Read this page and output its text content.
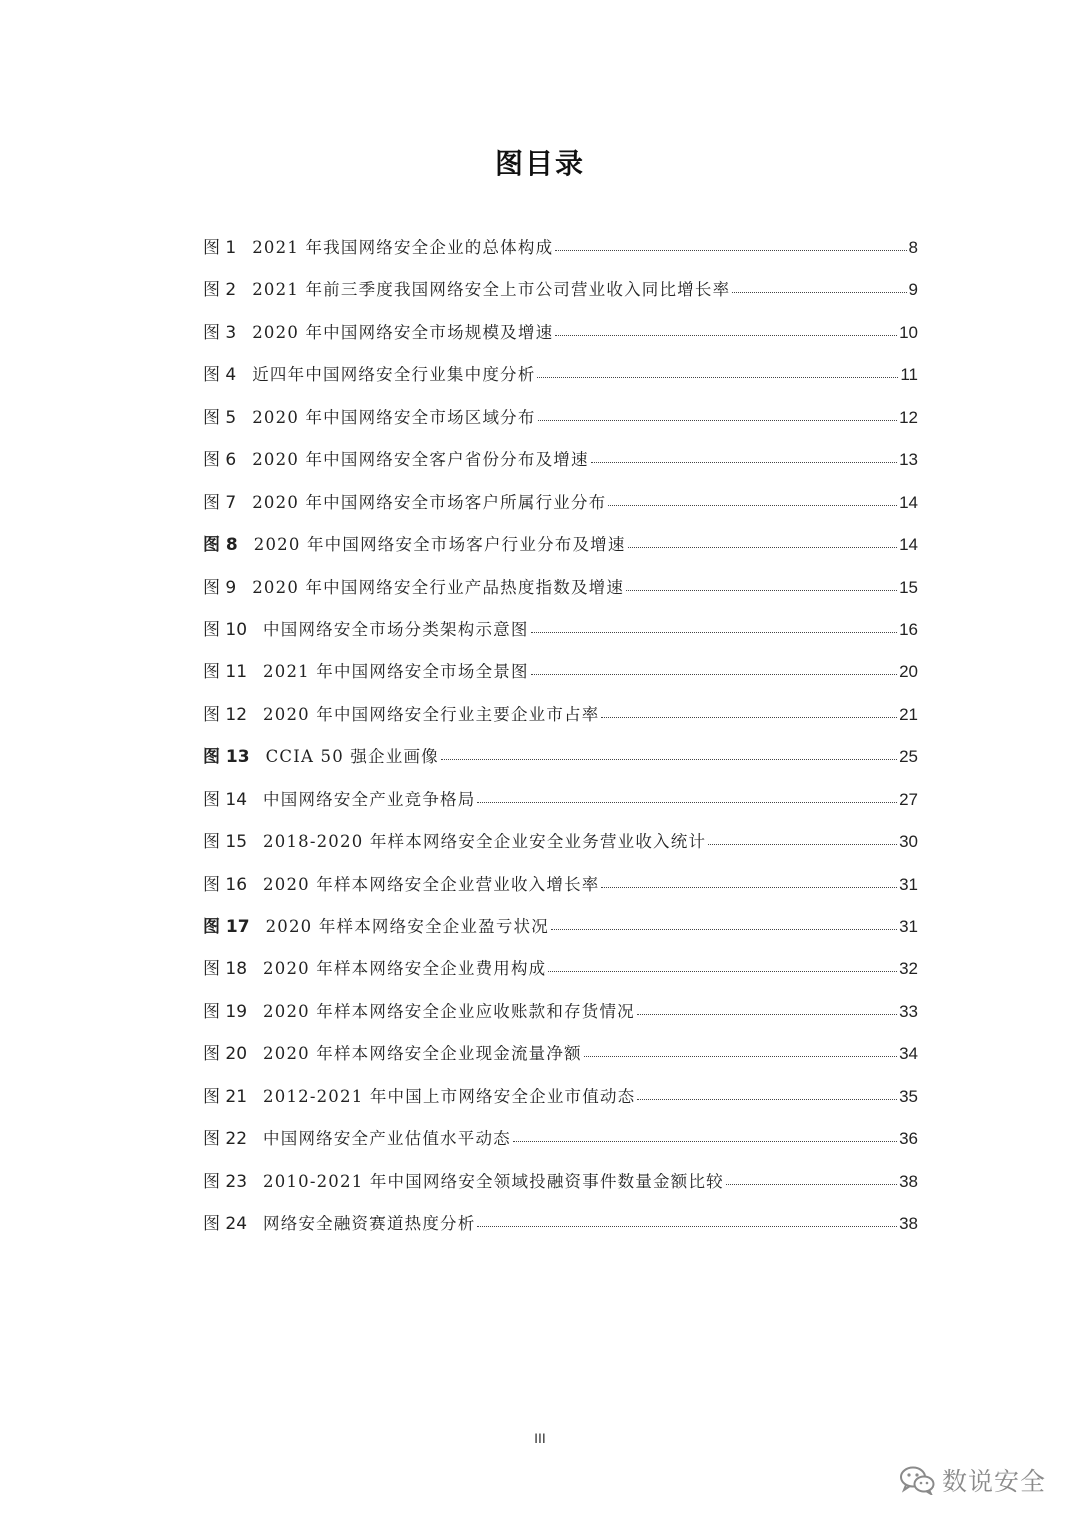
图目录
图 1 2021 年我国网络安全企业的总体构成	8
图 2 2021 年前三季度我国网络安全上市公司营业收入同比增长率	9
图 3 2020 年中国网络安全市场规模及增速	10
图 4 近四年中国网络安全行业集中度分析	11
图 5 2020 年中国网络安全市场区域分布	12
图 6 2020 年中国网络安全客户省份分布及增速	13
图 7 2020 年中国网络安全市场客户所属行业分布	14
图 8 2020 年中国网络安全市场客户行业分布及增速	14
图 9 2020 年中国网络安全行业产品热度指数及增速	15
图 10 中国网络安全市场分类架构示意图	16
图 11 2021 年中国网络安全市场全景图	20
图 12 2020 年中国网络安全行业主要企业市占率	21
图 13 CCIA 50 强企业画像	25
图 14 中国网络安全产业竞争格局	27
图 15 2018-2020 年样本网络安全企业安全业务营业收入统计	30
图 16 2020 年样本网络安全企业营业收入增长率	31
图 17 2020 年样本网络安全企业盈亏状况	31
图 18 2020 年样本网络安全企业费用构成	32
图 19 2020 年样本网络安全企业应收账款和存货情况	33
图 20 2020 年样本网络安全企业现金流量净额	34
图 21 2012-2021 年中国上市网络安全企业市值动态	35
图 22 中国网络安全产业估值水平动态	36
图 23 2010-2021 年中国网络安全领域投融资事件数量金额比较	38
图 24 网络安全融资赛道热度分析	38
III
数说安全
